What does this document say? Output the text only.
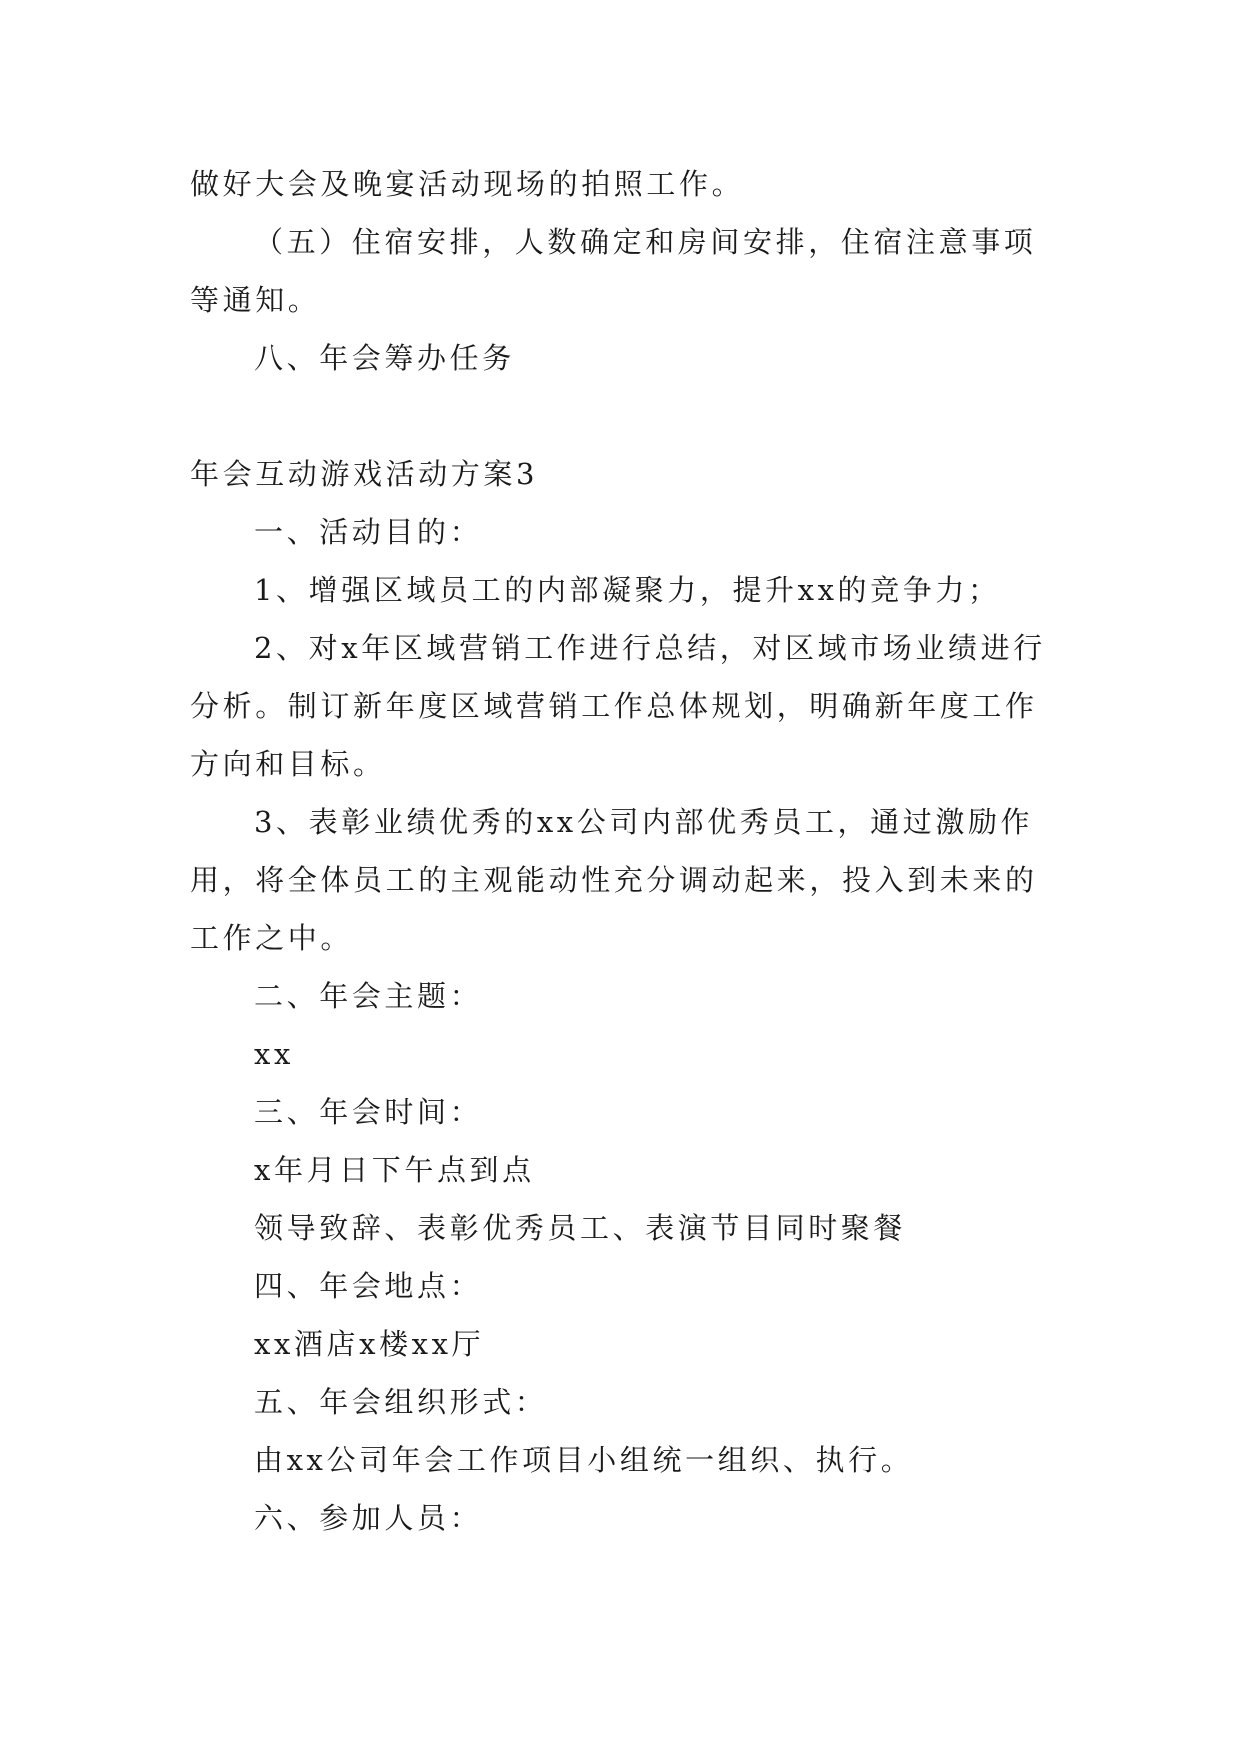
做好大会及晚宴活动现场的拍照工作。

（五）住宿安排，人数确定和房间安排，住宿注意事项等通知。

八、年会筹办任务

年会互动游戏活动方案3

一、活动目的：

1、增强区域员工的内部凝聚力，提升xx的竞争力；

2、对x年区域营销工作进行总结，对区域市场业绩进行分析。制订新年度区域营销工作总体规划，明确新年度工作方向和目标。

3、表彰业绩优秀的xx公司内部优秀员工，通过激励作用，将全体员工的主观能动性充分调动起来，投入到未来的工作之中。

二、年会主题：

xx

三、年会时间：

x年月日下午点到点

领导致辞、表彰优秀员工、表演节目同时聚餐

四、年会地点：

xx酒店x楼xx厅

五、年会组织形式：

由xx公司年会工作项目小组统一组织、执行。

六、参加人员：
